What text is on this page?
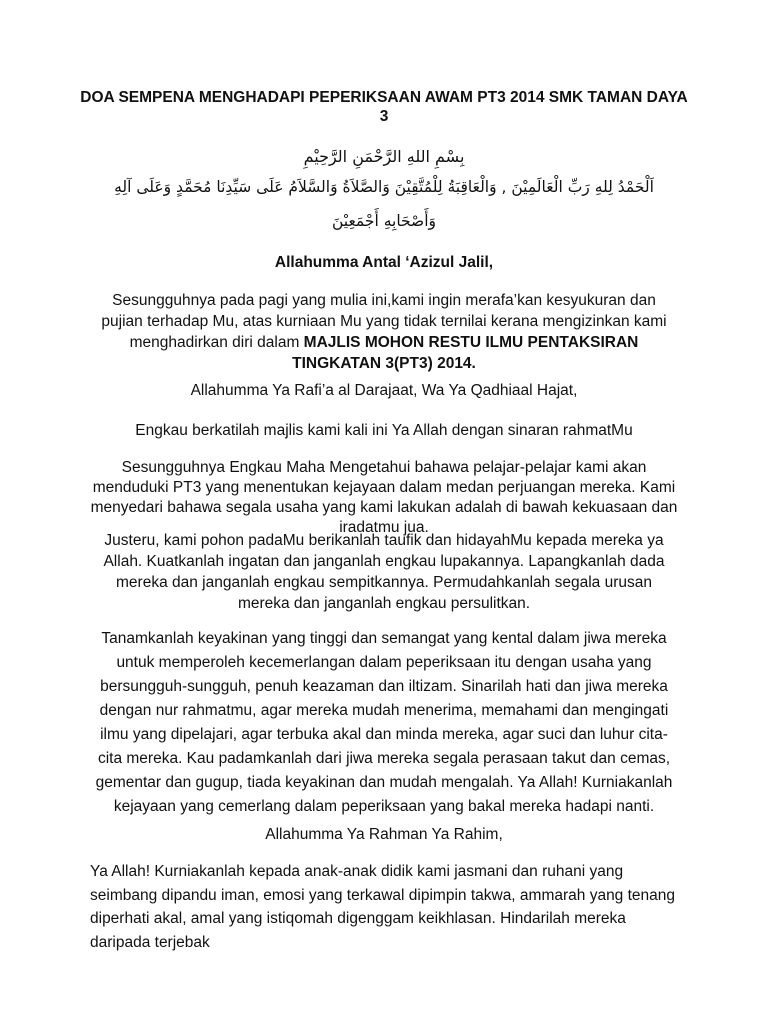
DOA SEMPENA MENGHADAPI PEPERIKSAAN AWAM PT3 2014 SMK TAMAN DAYA 3
بِسْمِ اللهِ الرَّحْمَنِ الرَّحِيْمِ
اَلْحَمْدُ لِلهِ رَبِّ الْعَالَمِيْنَ , وَالْعَاقِبَةُ لِلْمُتَّقِيْنَ وَالصَّلاَةُ وَالسَّلاَمُ عَلَى سَيِّدِنَا مُحَمَّدٍ وَعَلَى آلِهِ
وَأَصْحَابِهِ أَجْمَعِيْنَ
Allahumma Antal ‘Azizul Jalil,
Sesungguhnya pada pagi yang mulia ini,kami ingin merafa’kan kesyukuran dan pujian terhadap Mu, atas kurniaan Mu yang tidak ternilai kerana mengizinkan kami menghadirkan diri dalam MAJLIS MOHON RESTU ILMU PENTAKSIRAN TINGKATAN 3(PT3) 2014.
Allahumma Ya Rafi’a al Darajaat, Wa Ya Qadhiaal Hajat,
Engkau berkatilah majlis kami kali ini Ya Allah dengan sinaran rahmatMu
Sesungguhnya Engkau Maha Mengetahui bahawa pelajar-pelajar kami akan menduduki PT3 yang menentukan kejayaan dalam medan perjuangan mereka. Kami menyedari bahawa segala usaha yang kami lakukan adalah di bawah kekuasaan dan iradatmu jua.
Justeru, kami pohon padaMu berikanlah taufik dan hidayahMu kepada mereka ya Allah. Kuatkanlah ingatan dan janganlah engkau lupakannya. Lapangkanlah dada mereka dan janganlah engkau sempitkannya. Permudahkanlah segala urusan mereka dan janganlah engkau persulitkan.
Tanamkanlah keyakinan yang tinggi dan semangat yang kental dalam jiwa mereka untuk memperoleh kecemerlangan dalam peperiksaan itu dengan usaha yang bersungguh-sungguh, penuh keazaman dan iltizam. Sinarilah hati dan jiwa mereka dengan nur rahmatmu, agar mereka mudah menerima, memahami dan mengingati ilmu yang dipelajari, agar terbuka akal dan minda mereka, agar suci dan luhur cita-cita mereka. Kau padamkanlah dari jiwa mereka segala perasaan takut dan cemas, gementar dan gugup, tiada keyakinan dan mudah mengalah. Ya Allah! Kurniakanlah kejayaan yang cemerlang dalam peperiksaan yang bakal mereka hadapi nanti.
Allahumma Ya Rahman Ya Rahim,
Ya Allah! Kurniakanlah kepada anak-anak didik kami jasmani dan ruhani yang seimbang dipandu iman, emosi yang terkawal dipimpin takwa, ammarah yang tenang diperhati akal, amal yang istiqomah digenggam keikhlasan. Hindarilah mereka daripada terjebak
